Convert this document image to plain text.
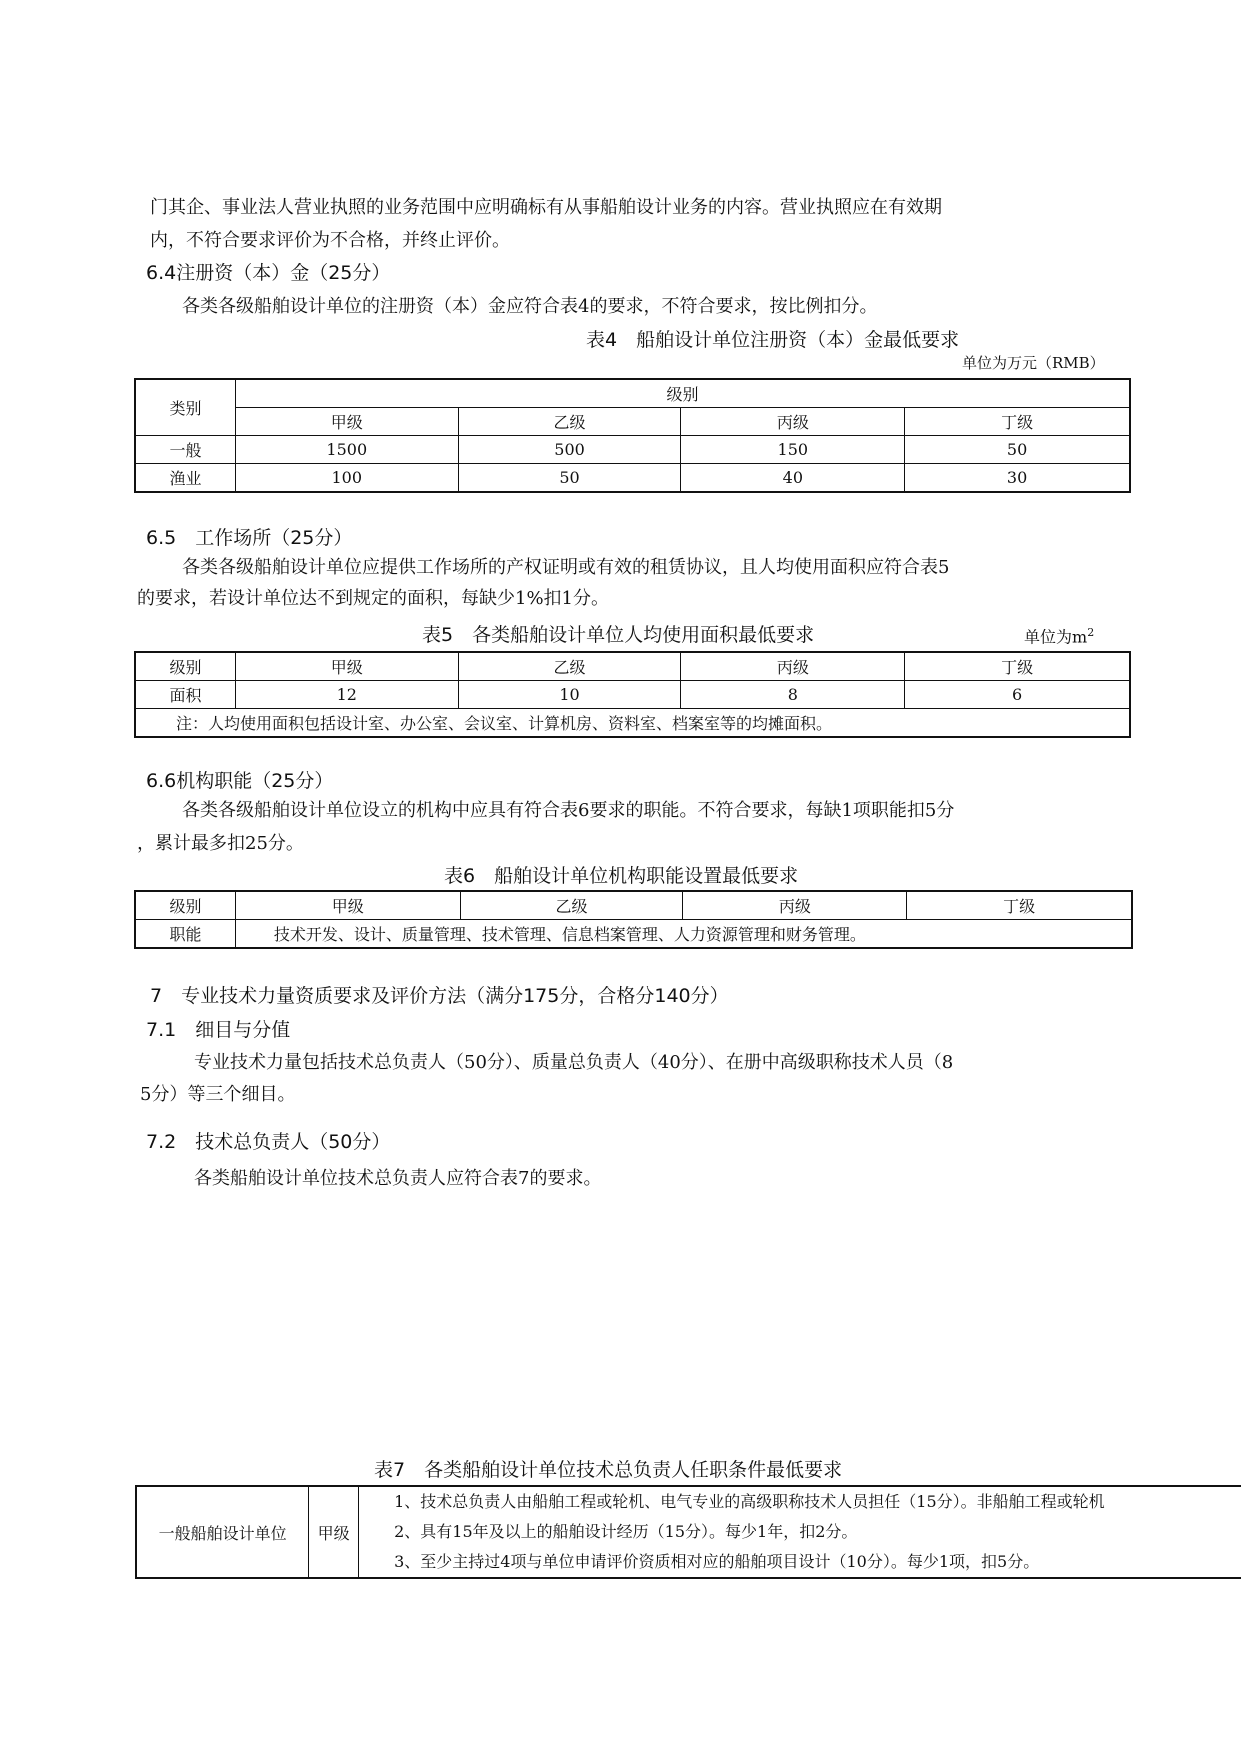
门其企、事业法人营业执照的业务范围中应明确标有从事船舶设计业务的内容。营业执照应在有效期
内，不符合要求评价为不合格，并终止评价。
6.4注册资（本）金（25分）
各类各级船舶设计单位的注册资（本）金应符合表4的要求，不符合要求，按比例扣分。
表4　船舶设计单位注册资（本）金最低要求
单位为万元（RMB）
类别	级别			
	甲级	乙级	丙级	丁级
一般	1500	500	150	50
渔业	100	50	40	30
6.5　工作场所（25分）
各类各级船舶设计单位应提供工作场所的产权证明或有效的租赁协议，且人均使用面积应符合表5
的要求，若设计单位达不到规定的面积，每缺少1%扣1分。
表5　各类船舶设计单位人均使用面积最低要求	单位为$m^2$
级别	甲级	乙级	丙级	丁级
面积	12	10	8	6
注：人均使用面积包括设计室、办公室、会议室、计算机房、资料室、档案室等的均摊面积。				
6.6机构职能（25分）
各类各级船舶设计单位设立的机构中应具有符合表6要求的职能。不符合要求，每缺1项职能扣5分
，累计最多扣25分。
表6　船舶设计单位机构职能设置最低要求
级别	甲级	乙级	丙级	丁级
职能	技术开发、设计、质量管理、技术管理、信息档案管理、人力资源管理和财务管理。			
7　专业技术力量资质要求及评价方法（满分175分，合格分140分）
7.1　细目与分值
专业技术力量包括技术总负责人（50分）、质量总负责人（40分）、在册中高级职称技术人员（8
5分）等三个细目。
7.2　技术总负责人（50分）
各类船舶设计单位技术总负责人应符合表7的要求。
表7　各类船舶设计单位技术总负责人任职条件最低要求
一般船舶设计单位	甲级	
1、技术总负责人由船舶工程或轮机、电气专业的高级职称技术人员担任（15分）。非船舶工程或轮机
2、具有15年及以上的船舶设计经历（15分）。每少1年，扣2分。
3、至少主持过4项与单位申请评价资质相对应的船舶项目设计（10分）。每少1项，扣5分。
